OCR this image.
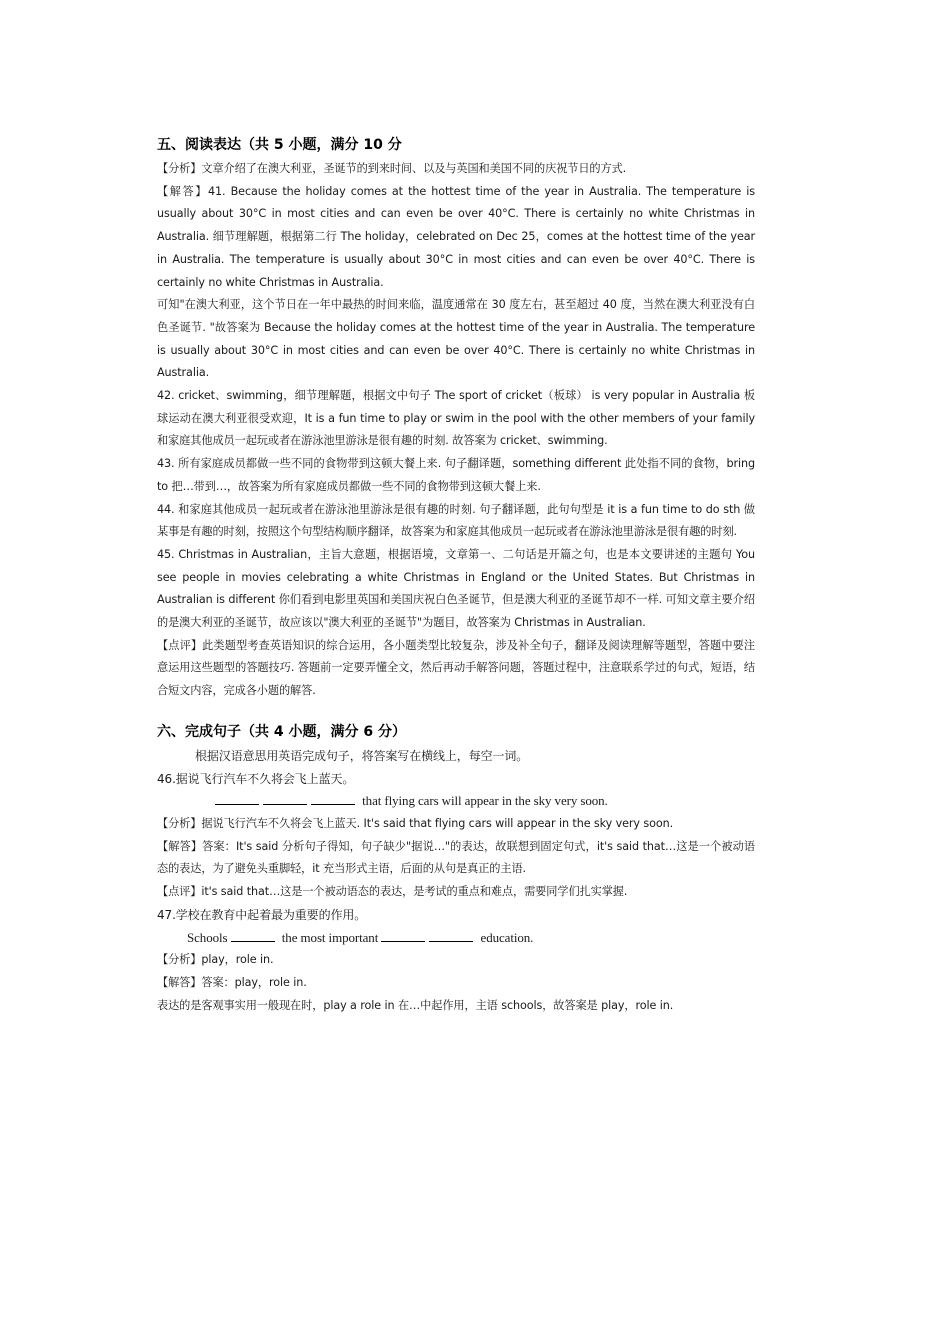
五、阅读表达（共 5 小题，满分 10 分

【分析】文章介绍了在澳大利亚，圣诞节的到来时间、以及与英国和美国不同的庆祝节日的方式.

【解答】41. Because the holiday comes at the hottest time of the year in Australia. The temperature is usually about 30°C in most cities and can even be over 40°C. There is certainly no white Christmas in Australia. 细节理解题，根据第二行 The holiday，celebrated on Dec 25，comes at the hottest time of the year in Australia. The temperature is usually about 30°C in most cities and can even be over 40°C. There is certainly no white Christmas in Australia.

可知"在澳大利亚，这个节日在一年中最热的时间来临，温度通常在 30 度左右，甚至超过 40 度，当然在澳大利亚没有白色圣诞节. "故答案为 Because the holiday comes at the hottest time of the year in Australia. The temperature is usually about 30°C in most cities and can even be over 40°C. There is certainly no white Christmas in Australia.

42. cricket、swimming，细节理解题，根据文中句子 The sport of cricket（板球） is very popular in Australia 板球运动在澳大利亚很受欢迎，It is a fun time to play or swim in the pool with the other members of your family 和家庭其他成员一起玩或者在游泳池里游泳是很有趣的时刻. 故答案为 cricket、swimming.

43. 所有家庭成员都做一些不同的食物带到这顿大餐上来. 句子翻译题，something different 此处指不同的食物，bring to 把…带到…，故答案为所有家庭成员都做一些不同的食物带到这顿大餐上来.

44. 和家庭其他成员一起玩或者在游泳池里游泳是很有趣的时刻. 句子翻译题，此句句型是 it is a fun time to do sth 做某事是有趣的时刻，按照这个句型结构顺序翻译，故答案为和家庭其他成员一起玩或者在游泳池里游泳是很有趣的时刻.

45. Christmas in Australian，主旨大意题，根据语境，文章第一、二句话是开篇之句，也是本文要讲述的主题句 You see people in movies celebrating a white Christmas in England or the United States. But Christmas in Australian is different 你们看到电影里英国和美国庆祝白色圣诞节，但是澳大利亚的圣诞节却不一样. 可知文章主要介绍的是澳大利亚的圣诞节，故应该以"澳大利亚的圣诞节"为题目，故答案为 Christmas in Australian.

【点评】此类题型考查英语知识的综合运用，各小题类型比较复杂，涉及补全句子，翻译及阅读理解等题型，答题中要注意运用这些题型的答题技巧. 答题前一定要弄懂全文，然后再动手解答问题，答题过程中，注意联系学过的句式，短语，结合短文内容，完成各小题的解答.

六、完成句子（共 4 小题，满分 6 分）

根据汉语意思用英语完成句子，将答案写在横线上，每空一词。

46.据说飞行汽车不久将会飞上蓝天。

that flying cars will appear in the sky very soon.

【分析】据说飞行汽车不久将会飞上蓝天. It's said that flying cars will appear in the sky very soon.

【解答】答案：It's said 分析句子得知，句子缺少"据说…"的表达，故联想到固定句式，it's said that…这是一个被动语态的表达，为了避免头重脚轻，it 充当形式主语，后面的从句是真正的主语.

【点评】it's said that…这是一个被动语态的表达，是考试的重点和难点，需要同学们扎实掌握.

47.学校在教育中起着最为重要的作用。

Schools	the most important	education.

【分析】play，role in.

【解答】答案：play，role in.

表达的是客观事实用一般现在时，play a role in 在…中起作用，主语 schools，故答案是 play，role in.
